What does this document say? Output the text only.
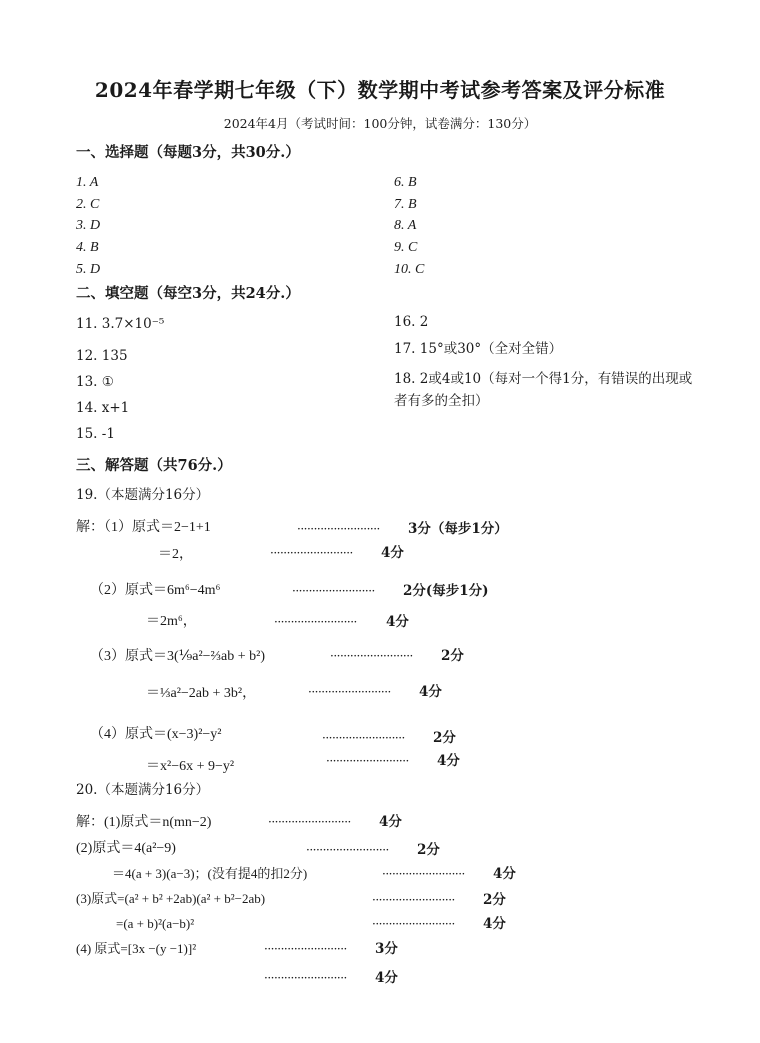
2024年春学期七年级（下）数学期中考试参考答案及评分标准
2024年4月（考试时间：100分钟，试卷满分：130分）
一、选择题（每题3分，共30分.）
1. A
2. C
3. D
4. B
5. D
6. B
7. B
8. A
9. C
10. C
二、填空题（每空3分，共24分.）
11. 3.7×10⁻⁵
12. 135
13. ①
14. x+1
15. -1
16. 2
17. 15°或30°（全对全错）
18. 2或4或10（每对一个得1分，有错误的出现或者有多的全扣）
三、解答题（共76分.）
19.（本题满分16分）
解：（1）原式＝2−1+1	························· 3分（每步1分）
＝2，	························· 4分
（2）原式＝6m⁶−4m⁶	························· 2分(每步1分)
＝2m⁶，	························· 4分
（3）原式＝3(⅑a²−⅔ab + b²)	························· 2分
＝⅓a²−2ab + 3b²，	························· 4分
（4）原式＝(x−3)²−y²	························· 2分
＝x²−6x + 9−y²	························· 4分
20.（本题满分16分）
解：(1)原式＝n(mn−2)	························· 4分
(2)原式＝4(a²−9)	························· 2分
＝4(a + 3)(a−3)；(没有提4的扣2分)	························· 4分
(3)原式=(a² + b² +2ab)(a² + b²−2ab)	························· 2分
=(a + b)²(a−b)²	························· 4分
(4) 原式=[3x −(y −1)]²	························· 3分
························· 4分
